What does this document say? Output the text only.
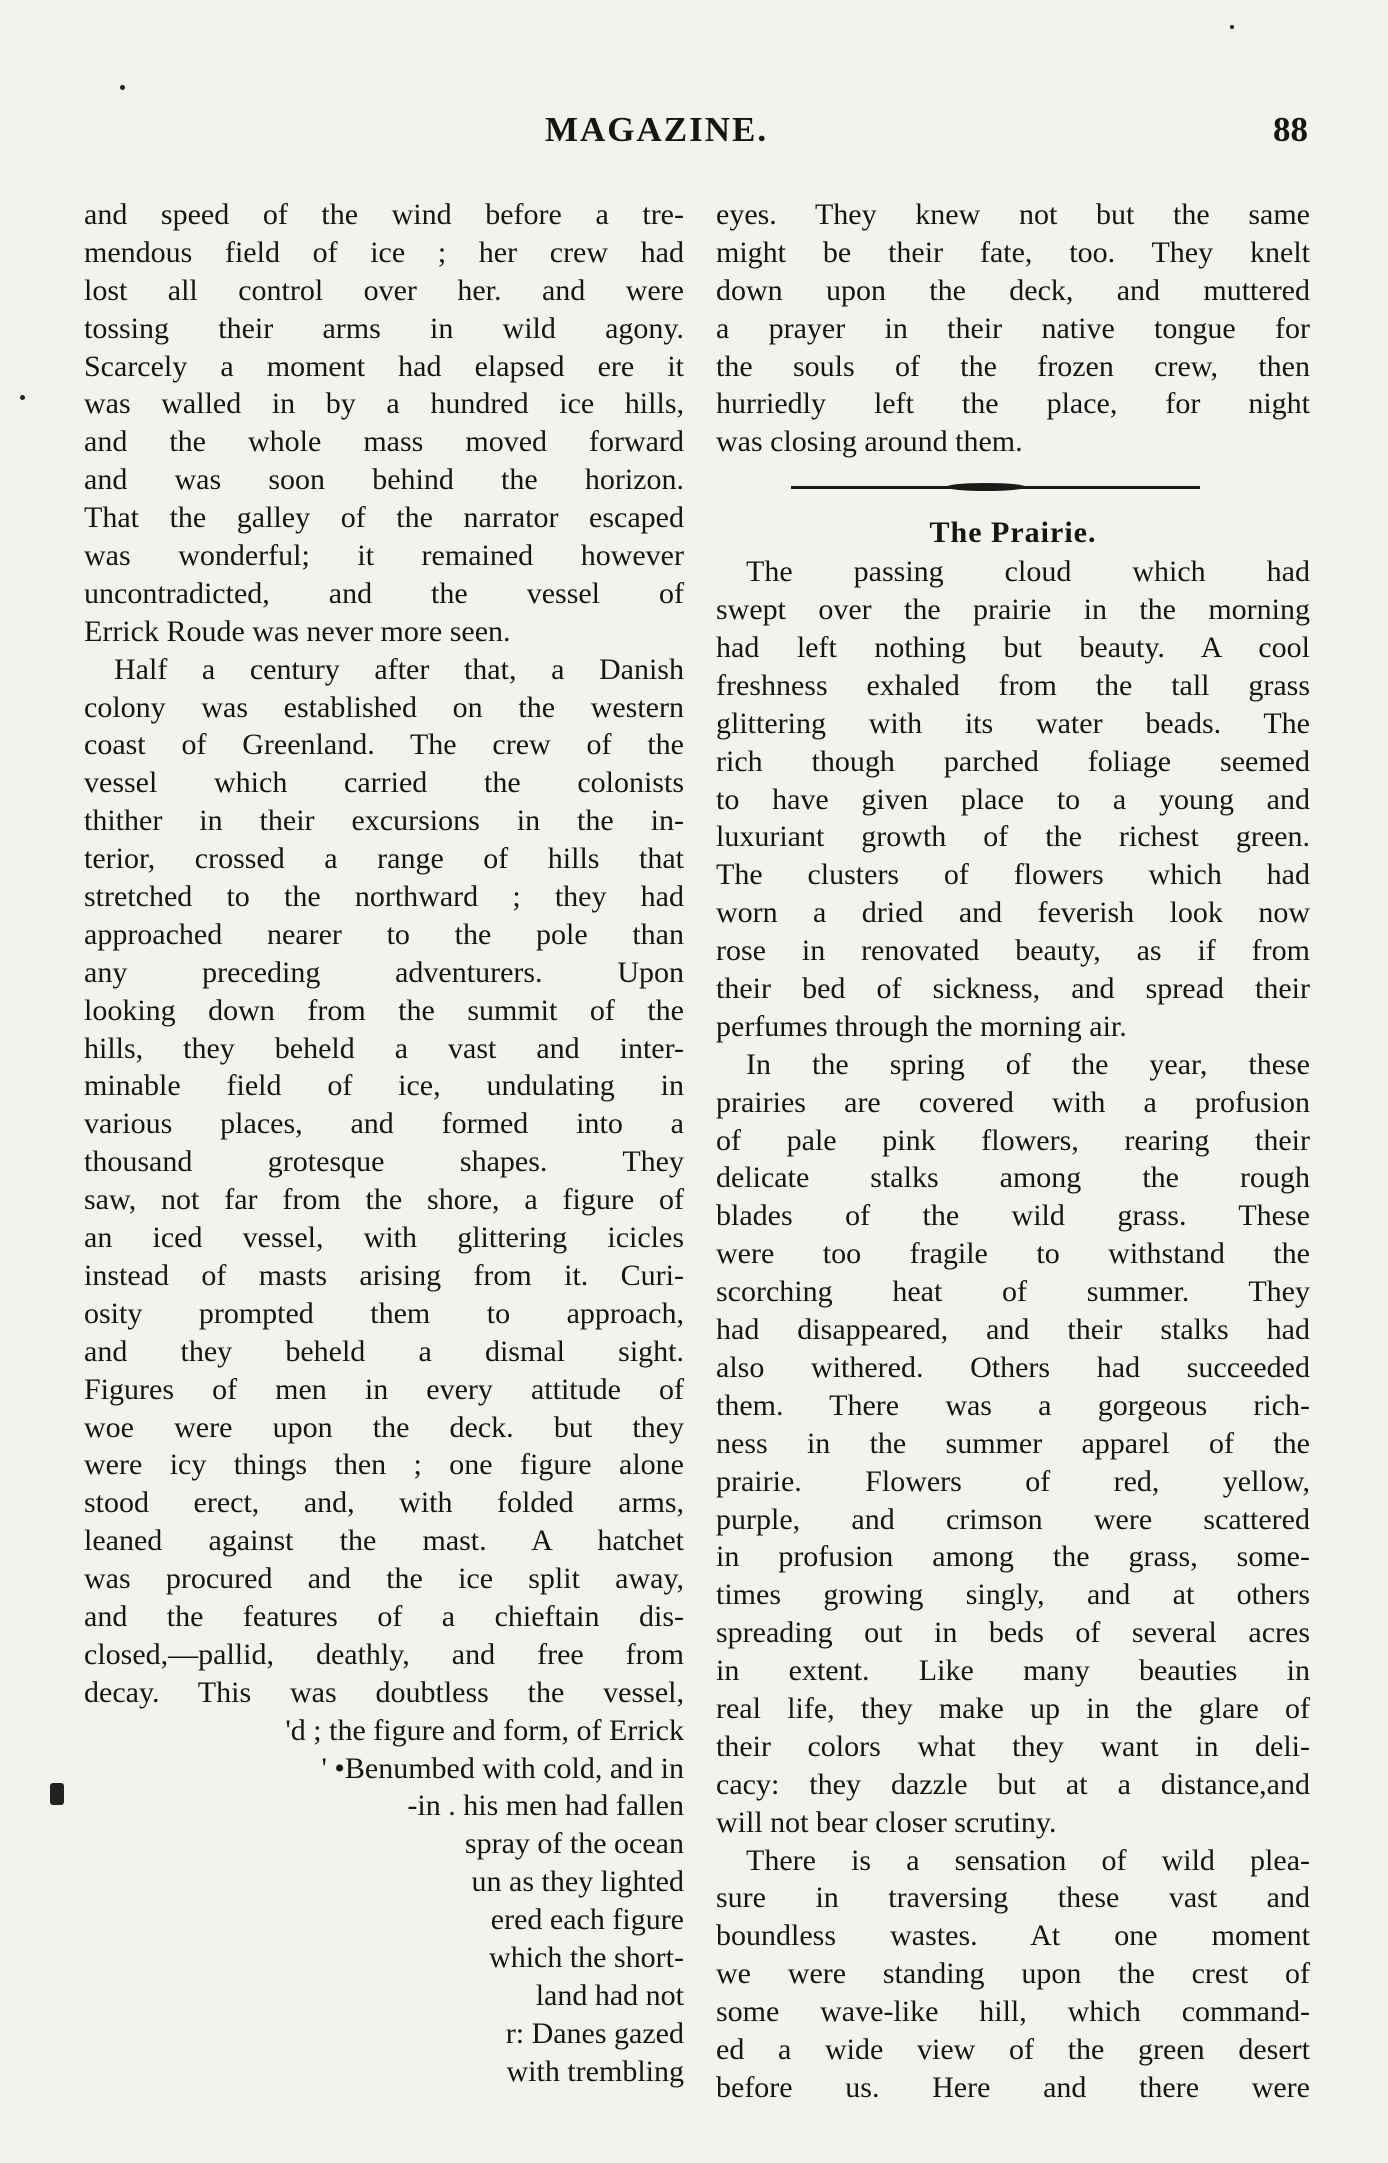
MAGAZINE.	88
and speed of the wind before a tre-
mendous field of ice ; her crew had
lost all control over her. and were
tossing their arms in wild agony.
Scarcely a moment had elapsed ere it
was walled in by a hundred ice hills,
and the whole mass moved forward
and was soon behind the horizon.
That the galley of the narrator escaped
was wonderful; it remained however
uncontradicted, and the vessel of
Errick Roude was never more seen.
Half a century after that, a Danish
colony was established on the western
coast of Greenland. The crew of the
vessel which carried the colonists
thither in their excursions in the in-
terior, crossed a range of hills that
stretched to the northward ; they had
approached nearer to the pole than
any preceding adventurers. Upon
looking down from the summit of the
hills, they beheld a vast and inter-
minable field of ice, undulating in
various places, and formed into a
thousand grotesque shapes. They
saw, not far from the shore, a figure of
an iced vessel, with glittering icicles
instead of masts arising from it. Curi-
osity prompted them to approach,
and they beheld a dismal sight.
Figures of men in every attitude of
woe were upon the deck. but they
were icy things then ; one figure alone
stood erect, and, with folded arms,
leaned against the mast. A hatchet
was procured and the ice split away,
and the features of a chieftain dis-
closed,—pallid, deathly, and free from
decay. This was doubtless the vessel,
'd ; the figure and form, of Errick
' •Benumbed with cold, and in
-in . his men had fallen
spray of the ocean
un as they lighted
ered each figure
which the short-
land had not
r: Danes gazed
with trembling
eyes. They knew not but the same
might be their fate, too. They knelt
down upon the deck, and muttered
a prayer in their native tongue for
the souls of the frozen crew, then
hurriedly left the place, for night
was closing around them.
The Prairie.
The passing cloud which had
swept over the prairie in the morning
had left nothing but beauty. A cool
freshness exhaled from the tall grass
glittering with its water beads. The
rich though parched foliage seemed
to have given place to a young and
luxuriant growth of the richest green.
The clusters of flowers which had
worn a dried and feverish look now
rose in renovated beauty, as if from
their bed of sickness, and spread their
perfumes through the morning air.
In the spring of the year, these
prairies are covered with a profusion
of pale pink flowers, rearing their
delicate stalks among the rough
blades of the wild grass. These
were too fragile to withstand the
scorching heat of summer. They
had disappeared, and their stalks had
also withered. Others had succeeded
them. There was a gorgeous rich-
ness in the summer apparel of the
prairie. Flowers of red, yellow,
purple, and crimson were scattered
in profusion among the grass, some-
times growing singly, and at others
spreading out in beds of several acres
in extent. Like many beauties in
real life, they make up in the glare of
their colors what they want in deli-
cacy: they dazzle but at a distance,and
will not bear closer scrutiny.
There is a sensation of wild plea-
sure in traversing these vast and
boundless wastes. At one moment
we were standing upon the crest of
some wave-like hill, which command-
ed a wide view of the green desert
before us. Here and there were
